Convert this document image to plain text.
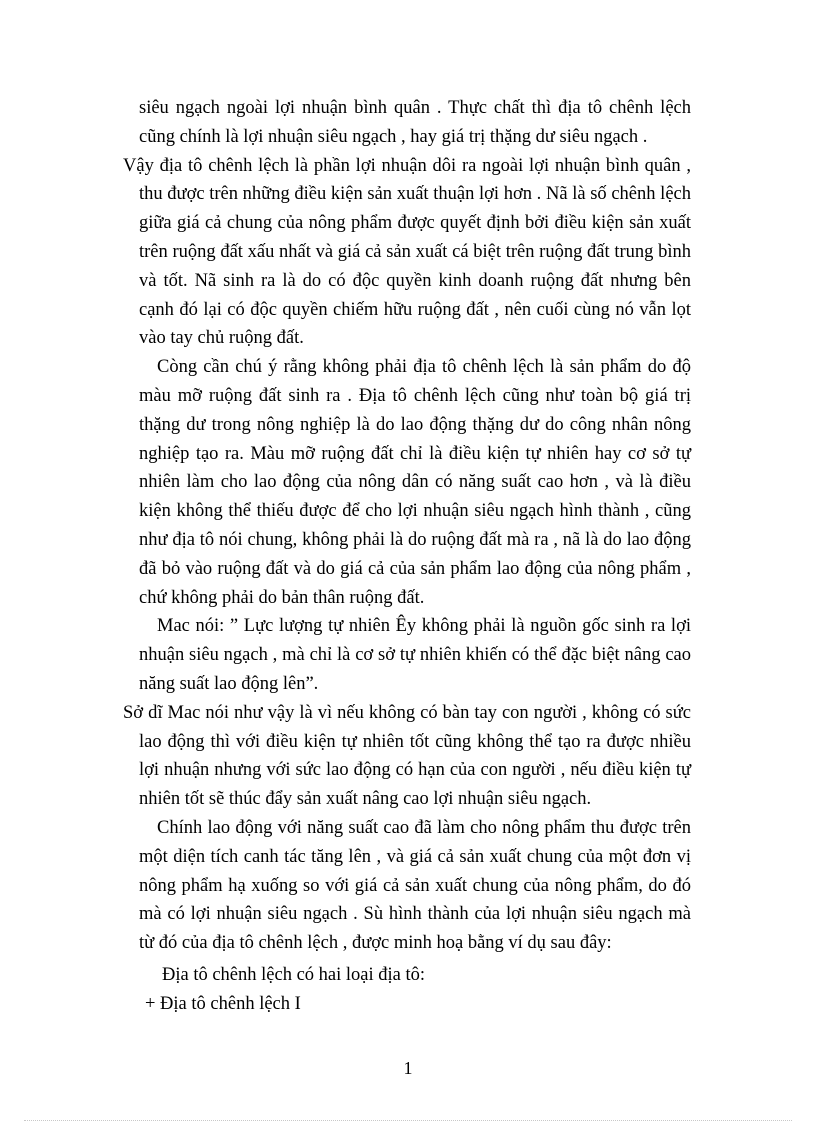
siêu ngạch ngoài lợi nhuận bình quân . Thực chất thì địa tô chênh lệch cũng chính là lợi nhuận siêu ngạch , hay giá trị thặng dư siêu ngạch .

Vậy địa tô chênh lệch là phần lợi nhuận dôi ra ngoài lợi nhuận bình quân , thu được trên những điều kiện sản xuất thuận lợi hơn . Nã là số chênh lệch giữa giá cả chung của nông phẩm được quyết định bởi điều kiện sản xuất trên ruộng đất xấu nhất và giá cả sản xuất cá biệt trên ruộng đất trung bình và tốt. Nã sinh ra là do có độc quyền kinh doanh ruộng đất nhưng bên cạnh đó lại có độc quyền chiếm hữu ruộng đất , nên cuối cùng nó vẫn lọt vào tay chủ ruộng đất.

Còng cần chú ý rằng không phải địa tô chênh lệch là sản phẩm do độ màu mỡ ruộng đất sinh ra . Địa tô chênh lệch cũng như toàn bộ giá trị thặng dư trong nông nghiệp là do lao động thặng dư do công nhân nông nghiệp tạo ra. Màu mỡ ruộng đất chỉ là điều kiện tự nhiên hay cơ sở tự nhiên làm cho lao động của nông dân có năng suất cao hơn , và là điều kiện không thể thiếu được để cho lợi nhuận siêu ngạch hình thành , cũng như địa tô nói chung, không phải là do ruộng đất mà ra , nã là do lao động đã bỏ vào ruộng đất và do giá cả của sản phẩm lao động của nông phẩm , chứ không phải do bản thân ruộng đất.

Mac nói: ” Lực lượng tự nhiên Êy không phải là nguồn gốc sinh ra lợi nhuận siêu ngạch , mà chỉ là cơ sở tự nhiên khiến có thể đặc biệt nâng cao năng suất lao động lên”.

Sở dĩ Mac nói như vậy là vì nếu không có bàn tay con người , không có sức lao động thì với điều kiện tự nhiên tốt cũng không thể tạo ra được nhiều lợi nhuận nhưng với sức lao động có hạn của con người , nếu điều kiện tự nhiên tốt sẽ thúc đẩy sản xuất nâng cao lợi nhuận siêu ngạch.

Chính lao động với năng suất cao đã làm cho nông phẩm thu được trên một diện tích canh tác tăng lên , và giá cả sản xuất chung của một đơn vị nông phẩm hạ xuống so với giá cả sản xuất chung của nông phẩm, do đó mà có lợi nhuận siêu ngạch . Sù hình thành của lợi nhuận siêu ngạch mà từ đó của địa tô chênh lệch , được minh hoạ bằng ví dụ sau đây:

Địa tô chênh lệch có hai loại địa tô:
+ Địa tô chênh lệch I
1
